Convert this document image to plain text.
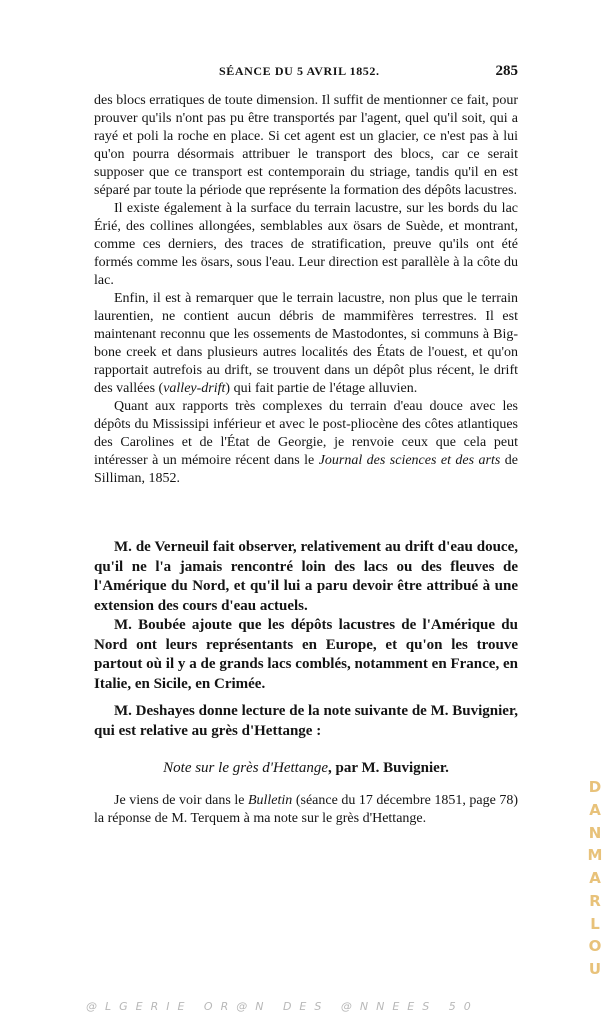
SÉANCE DU 5 AVRIL 1852.	285

des blocs erratiques de toute dimension. Il suffit de mentionner ce fait, pour prouver qu'ils n'ont pas pu être transportés par l'agent, quel qu'il soit, qui a rayé et poli la roche en place. Si cet agent est un glacier, ce n'est pas à lui qu'on pourra désormais attribuer le transport des blocs, car ce serait supposer que ce transport est contemporain du striage, tandis qu'il en est séparé par toute la période que représente la formation des dépôts lacustres.

Il existe également à la surface du terrain lacustre, sur les bords du lac Érié, des collines allongées, semblables aux ösars de Suède, et montrant, comme ces derniers, des traces de stratification, preuve qu'ils ont été formés comme les ösars, sous l'eau. Leur direction est parallèle à la côte du lac.

Enfin, il est à remarquer que le terrain lacustre, non plus que le terrain laurentien, ne contient aucun débris de mammifères terrestres. Il est maintenant reconnu que les ossements de Mastodontes, si communs à Big-bone creek et dans plusieurs autres localités des États de l'ouest, et qu'on rapportait autrefois au drift, se trouvent dans un dépôt plus récent, le drift des vallées (valley-drift) qui fait partie de l'étage alluvien.

Quant aux rapports très complexes du terrain d'eau douce avec les dépôts du Mississipi inférieur et avec le post-pliocène des côtes atlantiques des Carolines et de l'État de Georgie, je renvoie ceux que cela peut intéresser à un mémoire récent dans le Journal des sciences et des arts de Silliman, 1852.

M. de Verneuil fait observer, relativement au drift d'eau douce, qu'il ne l'a jamais rencontré loin des lacs ou des fleuves de l'Amérique du Nord, et qu'il lui a paru devoir être attribué à une extension des cours d'eau actuels.

M. Boubée ajoute que les dépôts lacustres de l'Amérique du Nord ont leurs représentants en Europe, et qu'on les trouve partout où il y a de grands lacs comblés, notamment en France, en Italie, en Sicile, en Crimée.

M. Deshayes donne lecture de la note suivante de M. Buvignier, qui est relative au grès d'Hettange :

Note sur le grès d'Hettange, par M. Buvignier.

Je viens de voir dans le Bulletin (séance du 17 décembre 1851, page 78) la réponse de M. Terquem à ma note sur le grès d'Hettange.

D
A
N
M
A
R
L
O
U
@LGERIE OR@N DES @NNEES 50
